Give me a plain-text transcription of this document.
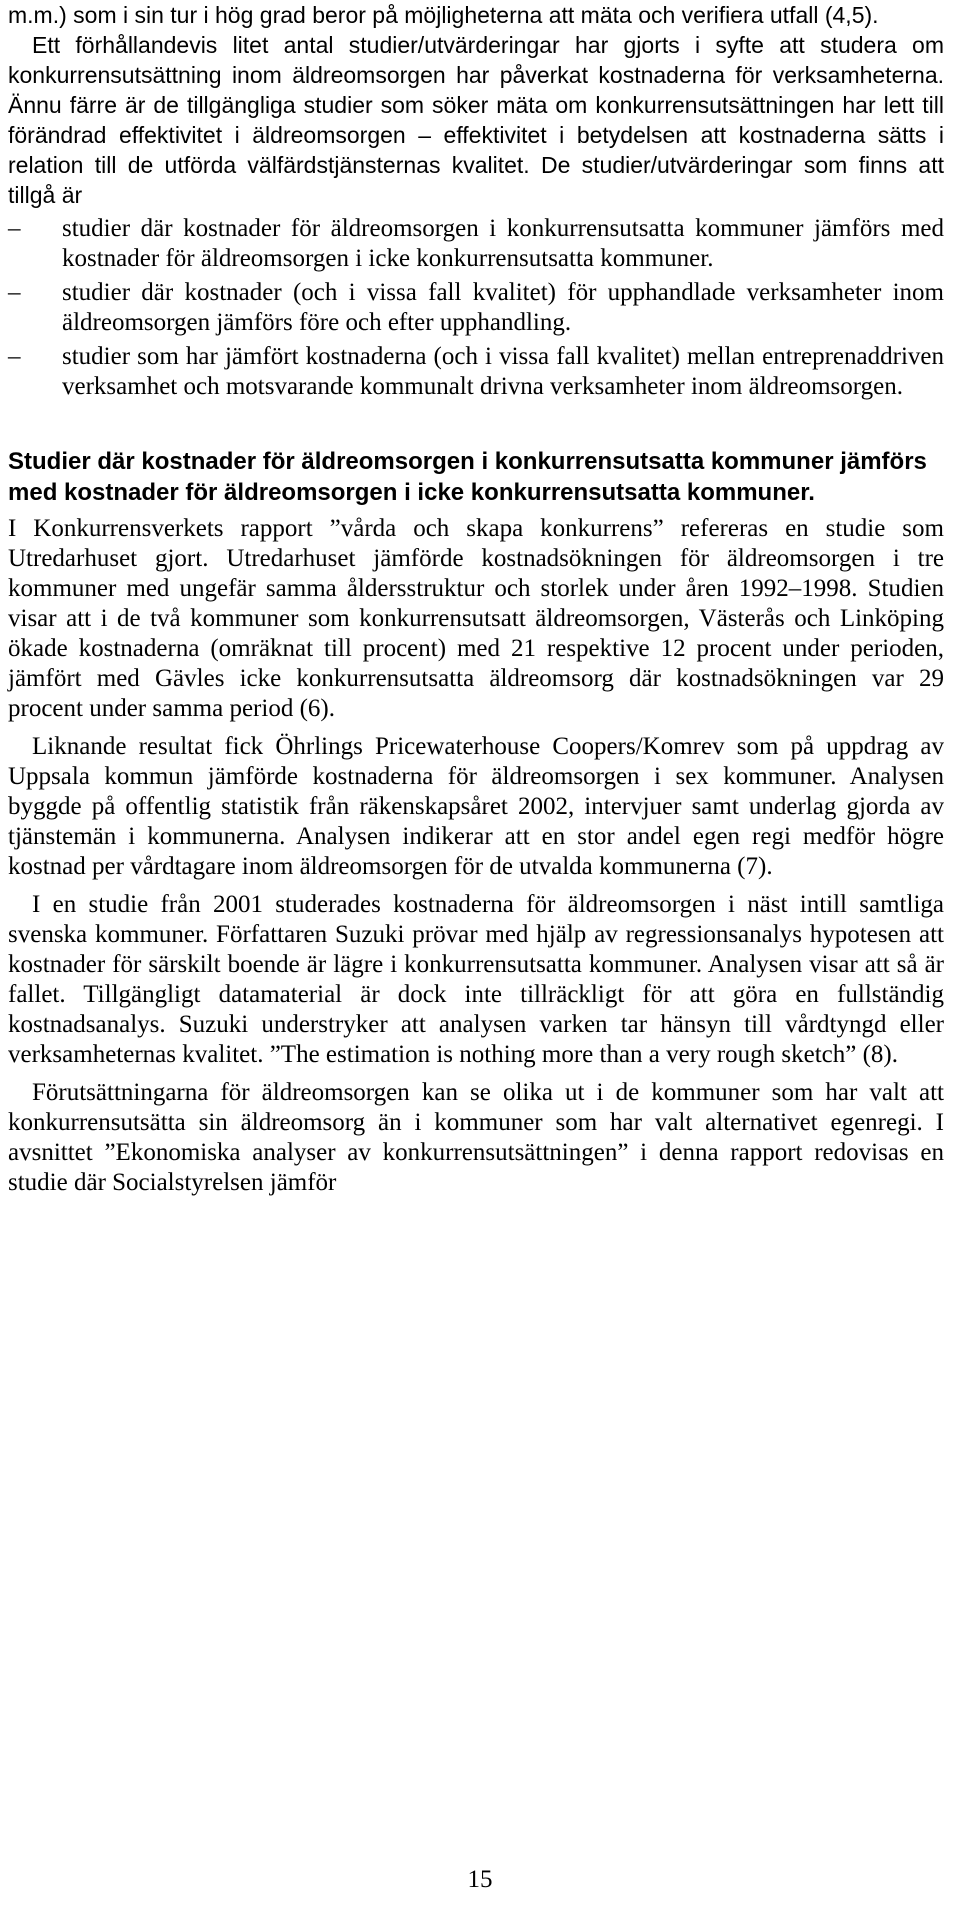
m.m.) som i sin tur i hög grad beror på möjligheterna att mäta och verifiera utfall (4,5).

Ett förhållandevis litet antal studier/utvärderingar har gjorts i syfte att studera om konkurrensutsättning inom äldreomsorgen har påverkat kostnaderna för verksamheterna. Ännu färre är de tillgängliga studier som söker mäta om konkurrensutsättningen har lett till förändrad effektivitet i äldreomsorgen – effektivitet i betydelsen att kostnaderna sätts i relation till de utförda välfärdstjänsternas kvalitet. De studier/utvärderingar som finns att tillgå är

–	studier där kostnader för äldreomsorgen i konkurrensutsatta kommuner jämförs med kostnader för äldreomsorgen i icke konkurrensutsatta kommuner.
–	studier där kostnader (och i vissa fall kvalitet) för upphandlade verksamheter inom äldreomsorgen jämförs före och efter upphandling.
–	studier som har jämfört kostnaderna (och i vissa fall kvalitet) mellan entreprenaddriven verksamhet och motsvarande kommunalt drivna verksamheter inom äldreomsorgen.
Studier där kostnader för äldreomsorgen i konkurrensutsatta kommuner jämförs med kostnader för äldreomsorgen i icke konkurrensutsatta kommuner.

I Konkurrensverkets rapport ”vårda och skapa konkurrens” refereras en studie som Utredarhuset gjort. Utredarhuset jämförde kostnadsökningen för äldreomsorgen i tre kommuner med ungefär samma åldersstruktur och storlek under åren 1992–1998. Studien visar att i de två kommuner som konkurrensutsatt äldreomsorgen, Västerås och Linköping ökade kostnaderna (omräknat till procent) med 21 respektive 12 procent under perioden, jämfört med Gävles icke konkurrensutsatta äldreomsorg där kostnadsökningen var 29 procent under samma period (6).

Liknande resultat fick Öhrlings Pricewaterhouse Coopers/Komrev som på uppdrag av Uppsala kommun jämförde kostnaderna för äldreomsorgen i sex kommuner. Analysen byggde på offentlig statistik från räkenskapsåret 2002, intervjuer samt underlag gjorda av tjänstemän i kommunerna. Analysen indikerar att en stor andel egen regi medför högre kostnad per vårdtagare inom äldreomsorgen för de utvalda kommunerna (7).

I en studie från 2001 studerades kostnaderna för äldreomsorgen i näst intill samtliga svenska kommuner. Författaren Suzuki prövar med hjälp av regressionsanalys hypotesen att kostnader för särskilt boende är lägre i konkurrensutsatta kommuner. Analysen visar att så är fallet. Tillgängligt datamaterial är dock inte tillräckligt för att göra en fullständig kostnadsanalys. Suzuki understryker att analysen varken tar hänsyn till vårdtyngd eller verksamheternas kvalitet. ”The estimation is nothing more than a very rough sketch” (8).

Förutsättningarna för äldreomsorgen kan se olika ut i de kommuner som har valt att konkurrensutsätta sin äldreomsorg än i kommuner som har valt alternativet egenregi. I avsnittet ”Ekonomiska analyser av konkurrensutsättningen” i denna rapport redovisas en studie där Socialstyrelsen jämför

15
